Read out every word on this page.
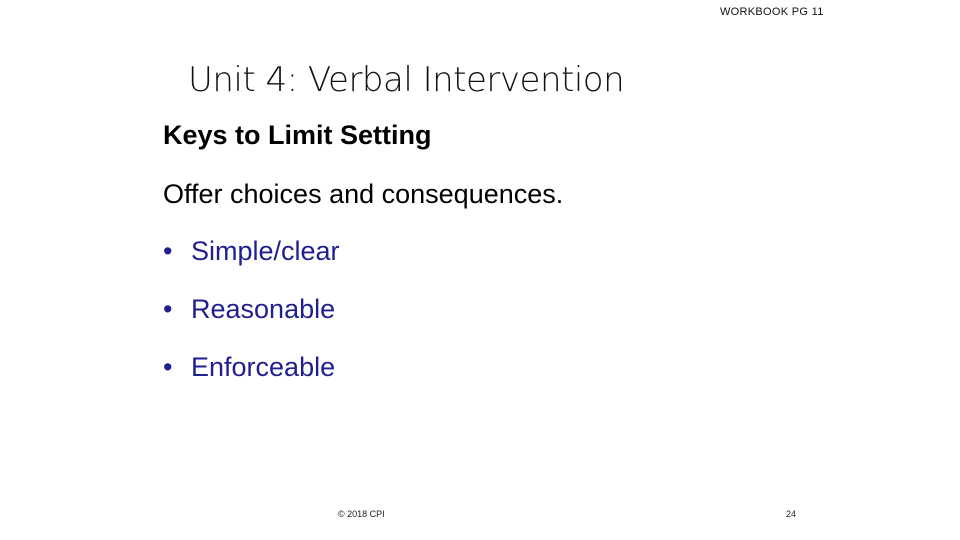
WORKBOOK PG 11
Unit 4: Verbal Intervention
Keys to Limit Setting
Offer choices and consequences.
• Simple/clear
• Reasonable
• Enforceable
© 2018 CPI	24
